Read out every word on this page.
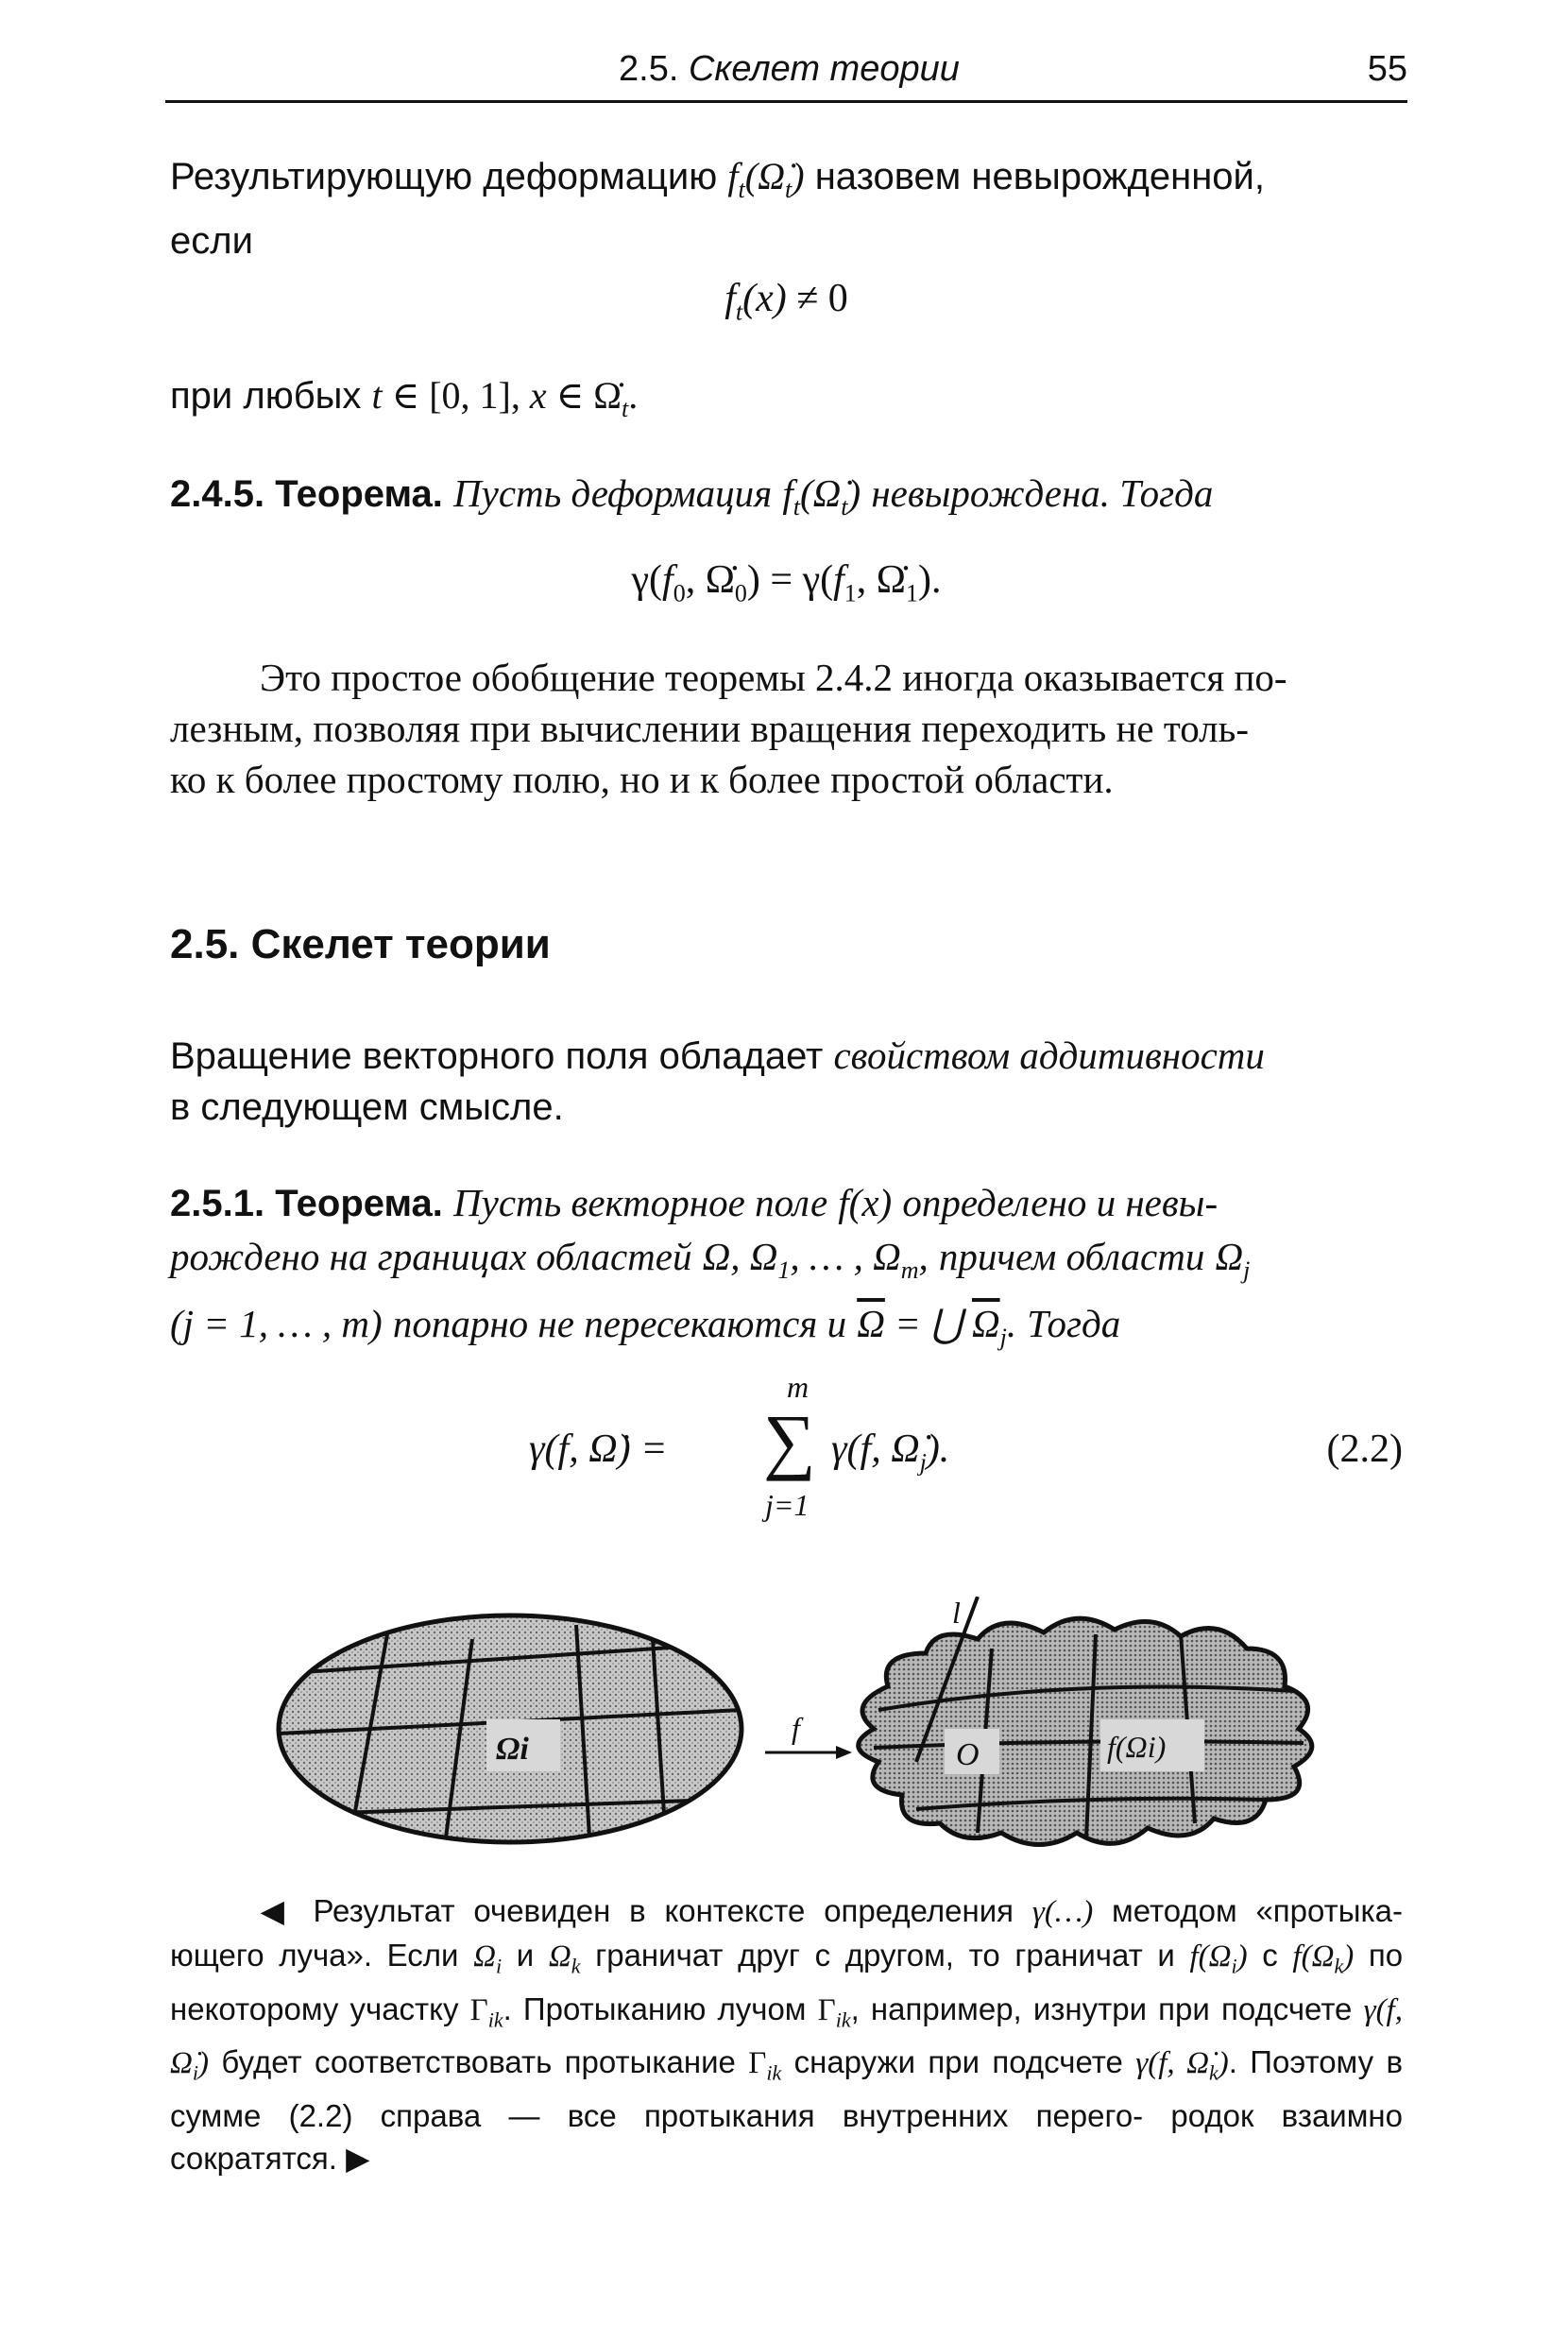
2.5. Скелет теории	55
Результирующую деформацию $f_t(\Omegȧ_t)$ назовем невырожденной,
если
$f_t(x) \ne 0$
при любых t ∈ [0, 1], x ∈ $\Omegȧ_t$.
2.4.5. Теорема. Пусть деформация $f_t(\Omegȧ_t)$ невырождена. Тогда
$\gamma(f_0$, $\Omegȧ_0) = \gamma(f_1$, $\Omegȧ_1$).
Это простое обобщение теоремы 2.4.2 иногда оказывается по-
лезным, позволяя при вычислении вращения переходить не толь-
ко к более простому полю, но и к более простой области.
2.5. Скелет теории
Вращение векторного поля обладает свойством аддитивности
в следующем смысле.
2.5.1. Теорема. Пусть векторное поле f(x) определено и невы-
рождено на границах областей Ω, $\Omega_1$, … , $\Omega_m$, причем области $\Omega_j$
(j = 1, … , m) попарно не пересекаются и $\overline{\Omega}$ = ⋃ $\overline{\Omega}_j$. Тогда
γ(f, Ω̇) =
m
∑
j=1
γ(f, $\Omegȧ_j$).	(2.2)
Ωi
f
l
O	f(Ωi)
◀ Результат очевиден в контексте определения γ(…) методом «протыка- ющего луча». Если $\Omega_i$ и $\Omega_k$ граничат друг с другом, то граничат и $f(\Omega_i)$ с $f(\Omega_k)$ по некоторому участку $\Gamma_{ik}$. Протыканию лучом $\Gamma_{ik}$, например, изнутри при подсчете γ(f, $\Omegȧ_i$) будет соответствовать протыкание $\Gamma_{ik}$ снаружи при подсчете γ(f, $\Omegȧ_k$). Поэтому в сумме (2.2) справа — все протыкания внутренних перего- родок взаимно сократятся. ▶
